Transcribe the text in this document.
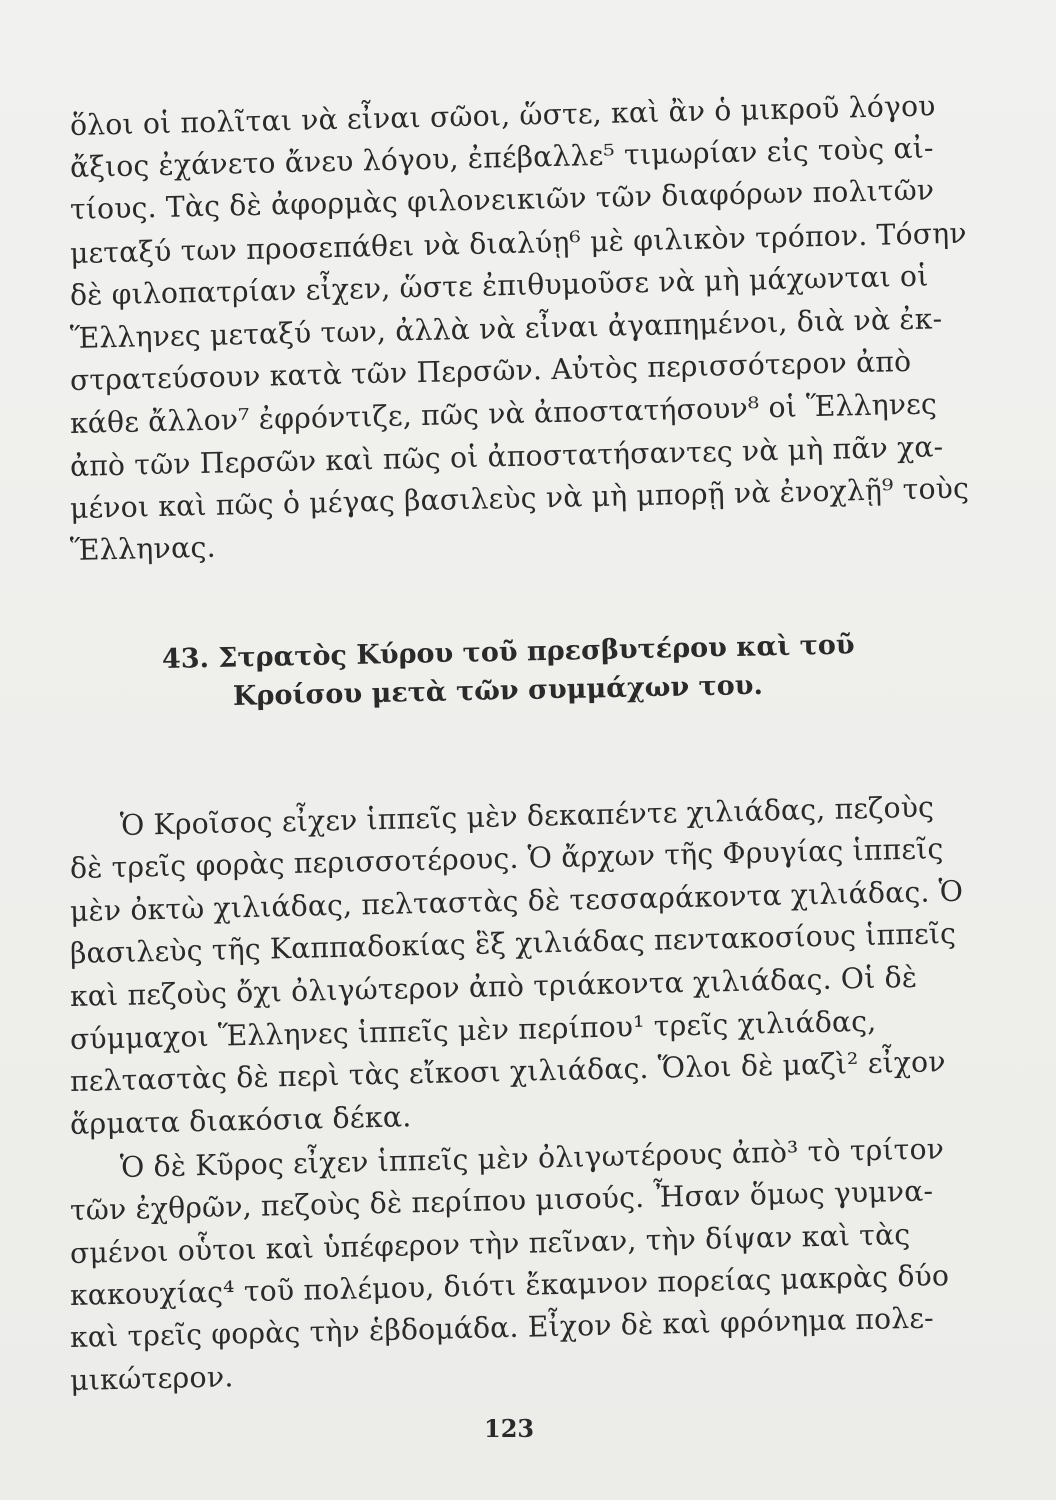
ὅλοι οἱ πολῖται νὰ εἶναι σῶοι, ὥστε, καὶ ἂν ὁ μικροῦ λόγου
ἄξιος ἐχάνετο ἄνευ λόγου, ἐπέβαλλε⁵ τιμωρίαν εἰς τοὺς αἰ-
τίους. Τὰς δὲ ἀφορμὰς φιλονεικιῶν τῶν διαφόρων πολιτῶν
μεταξύ των προσεπάθει νὰ διαλύῃ⁶ μὲ φιλικὸν τρόπον. Τόσην
δὲ φιλοπατρίαν εἶχεν, ὥστε ἐπιθυμοῦσε νὰ μὴ μάχωνται οἱ
Ἕλληνες μεταξύ των, ἀλλὰ νὰ εἶναι ἀγαπημένοι, διὰ νὰ ἐκ-
στρατεύσουν κατὰ τῶν Περσῶν. Αὐτὸς περισσότερον ἀπὸ
κάθε ἄλλον⁷ ἐφρόντιζε, πῶς νὰ ἀποστατήσουν⁸ οἱ Ἕλληνες
ἀπὸ τῶν Περσῶν καὶ πῶς οἱ ἀποστατήσαντες νὰ μὴ πᾶν χα-
μένοι καὶ πῶς ὁ μέγας βασιλεὺς νὰ μὴ μπορῇ νὰ ἐνοχλῇ⁹ τοὺς
Ἕλληνας.
43. Στρατὸς Κύρου τοῦ πρεσβυτέρου καὶ τοῦ
Κροίσου μετὰ τῶν συμμάχων του.
Ὁ Κροῖσος εἶχεν ἱππεῖς μὲν δεκαπέντε χιλιάδας, πεζοὺς
δὲ τρεῖς φορὰς περισσοτέρους. Ὁ ἄρχων τῆς Φρυγίας ἱππεῖς
μὲν ὀκτὼ χιλιάδας, πελταστὰς δὲ τεσσαράκοντα χιλιάδας. Ὁ
βασιλεὺς τῆς Καππαδοκίας ἓξ χιλιάδας πεντακοσίους ἱππεῖς
καὶ πεζοὺς ὄχι ὀλιγώτερον ἀπὸ τριάκοντα χιλιάδας. Οἱ δὲ
σύμμαχοι Ἕλληνες ἱππεῖς μὲν περίπου¹ τρεῖς χιλιάδας,
πελταστὰς δὲ περὶ τὰς εἴκοσι χιλιάδας. Ὅλοι δὲ μαζὶ² εἶχον
ἅρματα διακόσια δέκα.
Ὁ δὲ Κῦρος εἶχεν ἱππεῖς μὲν ὀλιγωτέρους ἀπὸ³ τὸ τρίτον
τῶν ἐχθρῶν, πεζοὺς δὲ περίπου μισούς. Ἦσαν ὅμως γυμνα-
σμένοι οὗτοι καὶ ὑπέφερον τὴν πεῖναν, τὴν δίψαν καὶ τὰς
κακουχίας⁴ τοῦ πολέμου, διότι ἔκαμνον πορείας μακρὰς δύο
καὶ τρεῖς φορὰς τὴν ἑβδομάδα. Εἶχον δὲ καὶ φρόνημα πολε-
μικώτερον.
123
